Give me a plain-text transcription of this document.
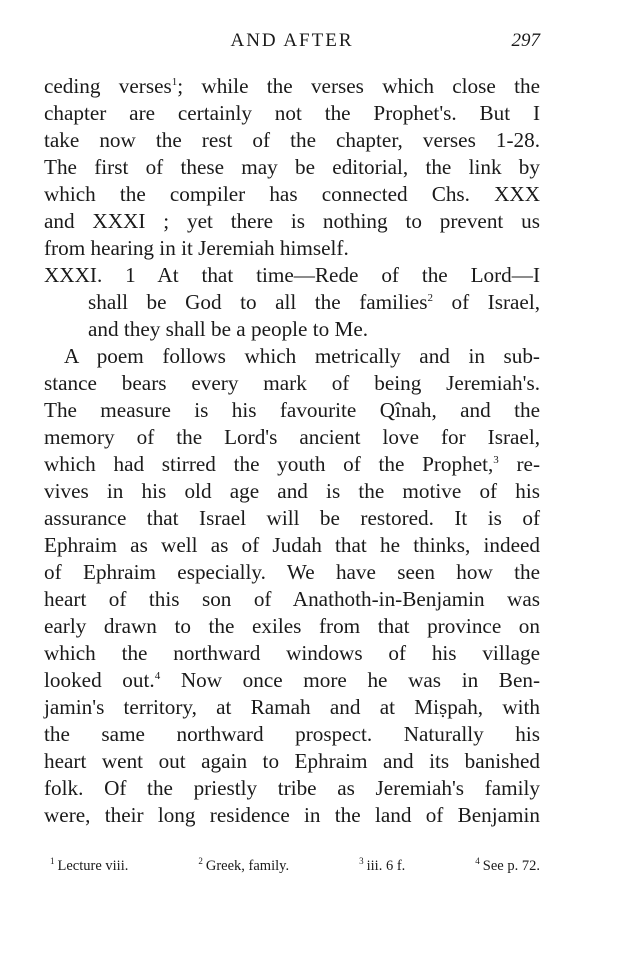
AND AFTER	297
ceding verses$^1$; while the verses which close the
chapter are certainly not the Prophet's. But I
take now the rest of the chapter, verses 1-28.
The first of these may be editorial, the link by
which the compiler has connected Chs. XXX
and XXXI ; yet there is nothing to prevent us
from hearing in it Jeremiah himself.
XXXI. 1 At that time—Rede of the Lord—I
shall be God to all the families$^2$ of Israel,
and they shall be a people to Me.
A poem follows which metrically and in sub-
stance bears every mark of being Jeremiah's.
The measure is his favourite Qînah, and the
memory of the Lord's ancient love for Israel,
which had stirred the youth of the Prophet,$^3$ re-
vives in his old age and is the motive of his
assurance that Israel will be restored. It is of
Ephraim as well as of Judah that he thinks, indeed
of Ephraim especially. We have seen how the
heart of this son of Anathoth-in-Benjamin was
early drawn to the exiles from that province on
which the northward windows of his village
looked out.$^4$ Now once more he was in Ben-
jamin's territory, at Ramah and at Miṣpah, with
the same northward prospect. Naturally his
heart went out again to Ephraim and its banished
folk. Of the priestly tribe as Jeremiah's family
were, their long residence in the land of Benjamin
$^1$ Lecture viii.	$^2$ Greek, family.	$^3$ iii. 6 f.	$^4$ See p. 72.
